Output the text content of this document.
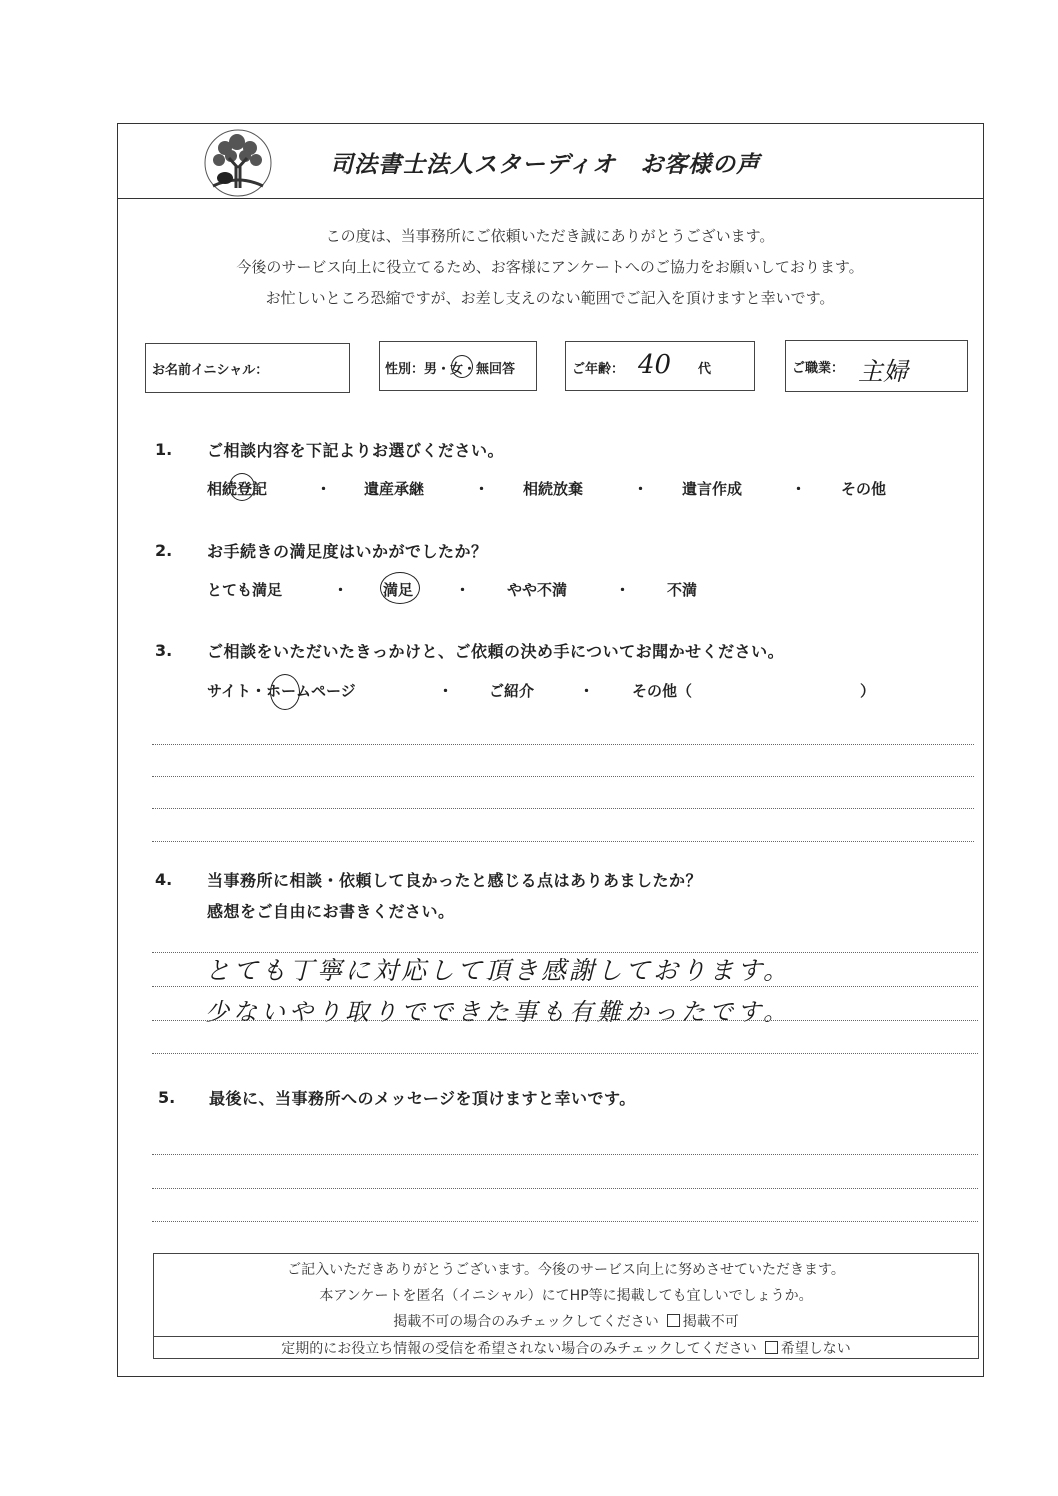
司法書士法人スターディオ　お客様の声
この度は、当事務所にご依頼いただき誠にありがとうございます。
今後のサービス向上に役立てるため、お客様にアンケートへのご協力をお願いしております。
お忙しいところ恐縮ですが、お差し支えのない範囲でご記入を頂けますと幸いです。
お名前イニシャル：	性別：男・女・無回答	ご年齢： 40 代	ご職業： 主婦
1. ご相談内容を下記よりお選びください。
相続登記	・ 遺産承継	・ 相続放棄	・ 遺言作成	・ その他
2. お手続きの満足度はいかがでしたか？
とても満足	・ 満足	・ やや不満	・ 不満
3. ご相談をいただいたきっかけと、ご依頼の決め手についてお聞かせください。
サイト・ホームページ	・ ご紹介	・	その他（	）
4. 当事務所に相談・依頼して良かったと感じる点はありあましたか？
感想をご自由にお書きください。
とても丁寧に対応して頂き感謝しております。
少ないやり取りでできた事も有難かったです。
5. 最後に、当事務所へのメッセージを頂けますと幸いです。
ご記入いただきありがとうございます。今後のサービス向上に努めさせていただきます。
本アンケートを匿名（イニシャル）にてHP等に掲載しても宜しいでしょうか。
掲載不可の場合のみチェックしてください 掲載不可
定期的にお役立ち情報の受信を希望されない場合のみチェックしてください 希望しない
